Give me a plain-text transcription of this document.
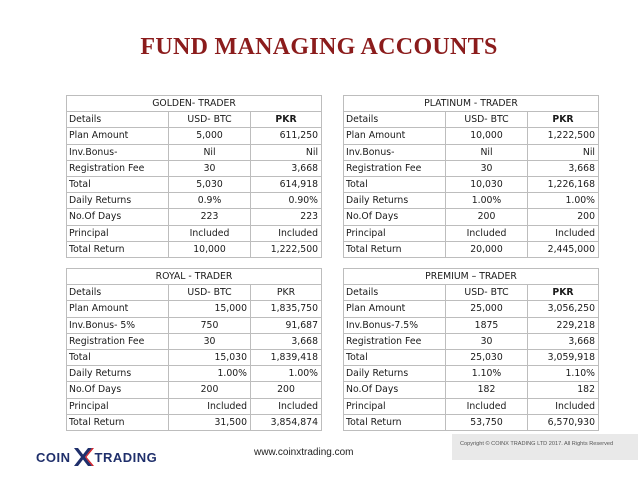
FUND MANAGING ACCOUNTS
GOLDEN- TRADER		
Details	USD- BTC	PKR
Plan Amount	5,000	611,250
Inv.Bonus-	Nil	Nil
Registration Fee	30	3,668
Total	5,030	614,918
Daily Returns	0.9%	0.90%
No.Of Days	223	223
Principal	Included	Included
Total Return	10,000	1,222,500
PLATINUM - TRADER		
Details	USD- BTC	PKR
Plan Amount	10,000	1,222,500
Inv.Bonus-	Nil	Nil
Registration Fee	30	3,668
Total	10,030	1,226,168
Daily Returns	1.00%	1.00%
No.Of Days	200	200
Principal	Included	Included
Total Return	20,000	2,445,000
ROYAL - TRADER		
Details	USD- BTC	PKR
Plan Amount	15,000	1,835,750
Inv.Bonus- 5%	750	91,687
Registration Fee	30	3,668
Total	15,030	1,839,418
Daily Returns	1.00%	1.00%
No.Of Days	200	200
Principal	Included	Included
Total Return	31,500	3,854,874
PREMIUM – TRADER		
Details	USD- BTC	PKR
Plan Amount	25,000	3,056,250
Inv.Bonus-7.5%	1875	229,218
Registration Fee	30	3,668
Total	25,030	3,059,918
Daily Returns	1.10%	1.10%
No.Of Days	182	182
Principal	Included	Included
Total Return	53,750	6,570,930
Copyright © COINX TRADING LTD 2017. All Rights Reserved
www.coinxtrading.com
COIN TRADING
